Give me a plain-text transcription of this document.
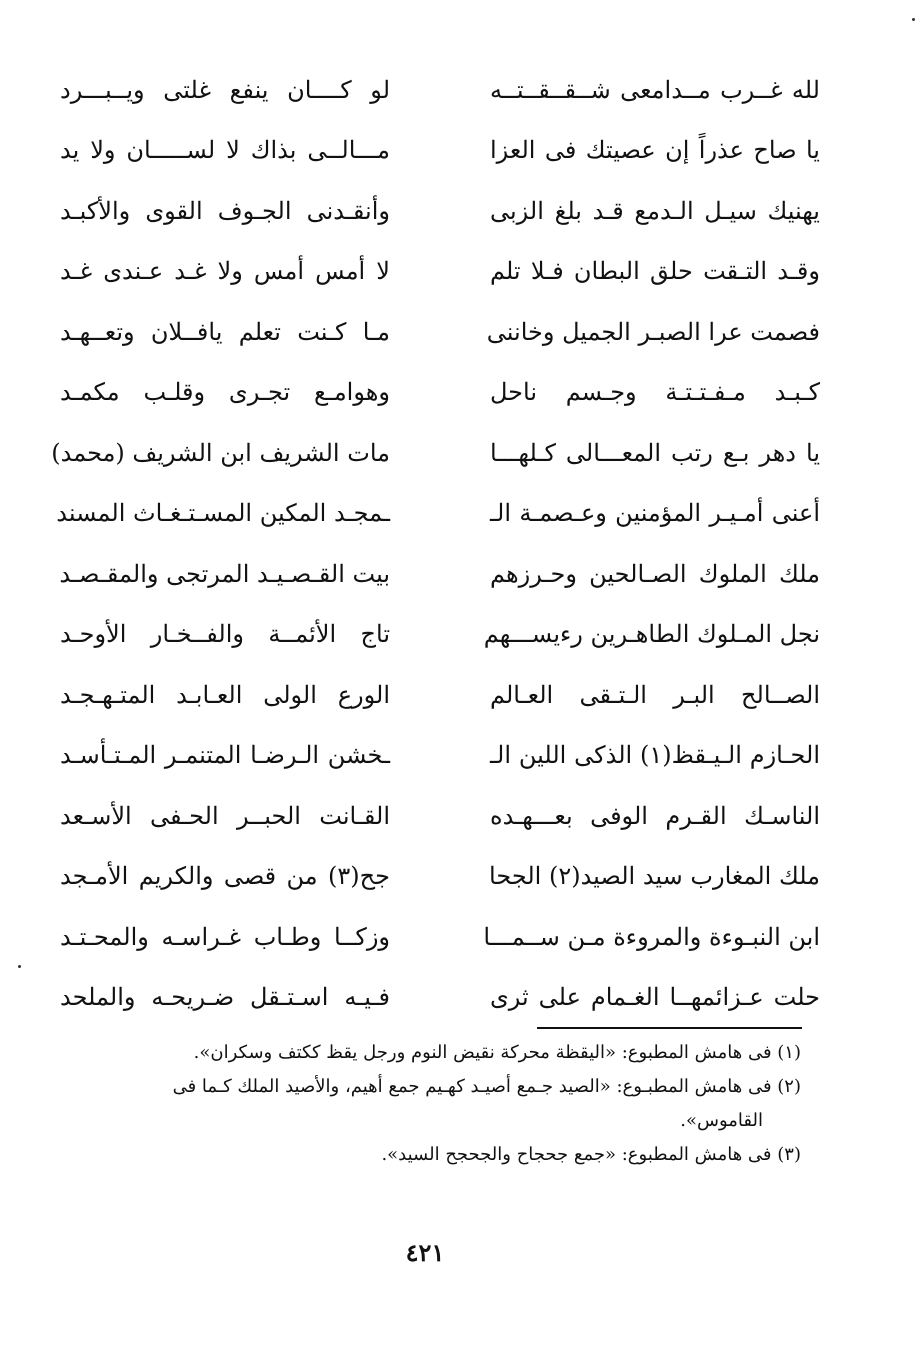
لله غــرب مــدامعى شــقــقــتــه
لو كــــان ينفع غلتى ويــبـــرد
يا صاح عذراً إن عصيتك فى العزا
مـــالــى بذاك لا لســـــان ولا يد
يهنيك سيـل الـدمع قـد بلغ الزبى
وأنقـدنى الجـوف القوى والأكبـد
وقـد التـقت حلق البطان فـلا تلم
لا أمس أمس ولا غـد عـندى غـد
فصمت عرا الصبـر الجميل وخاننى
مـا كـنت تعلم يافــلان وتعــهـد
كـبـد مـفـتـتـة وجـسم ناحل
وهوامـع تجـرى وقلـب مكمـد
يا دهر بـع رتب المعـــالى كـلهـــا
مات الشريف ابن الشريف (محمد)
أعنى أمـيـر المؤمنين وعـصمـة الـ
ـمجـد المكين المسـتـغـاث المسند
ملك الملوك الصـالحين وحـرزهم
بيت القـصـيـد المرتجى والمقـصـد
نجل المـلوك الطاهـرين رءيســـهم
تاج الأئمــة والفــخـار الأوحـد
الصــالح البـر الـتـقى العـالم
الورع الولى العـابـد المتـهـجـد
الحـازم الـيـقظ(١) الذكى اللين الـ
ـخشن الـرضـا المتنمـر المـتـأسـد
الناسـك القـرم الوفى بعـــهـده
القـانت الحبــر الحـفى الأسـعد
ملك المغارب سيد الصيد(٢) الجحا
جح(٣) من قصى والكريم الأمـجد
ابن النبـوءة والمروءة مـن ســمـــا
وزكــا وطـاب غـراسـه والمحـتـد
حلت عـزائمهــا الغـمام على ثرى
فـيـه اسـتـقل ضـريحـه والملحد

(١) فى هامش المطبوع: «اليقظة محركة نقيض النوم ورجل يقظ ككتف وسكران».

(٢) فى هامش المطبـوع: «الصيد جـمع أصيـد كهـيم جمع أهيم، والأصيد الملك كـما فى

القاموس».

(٣) فى هامش المطبوع: «جمع جحجاح والجحجح السيد».

٤٢١
